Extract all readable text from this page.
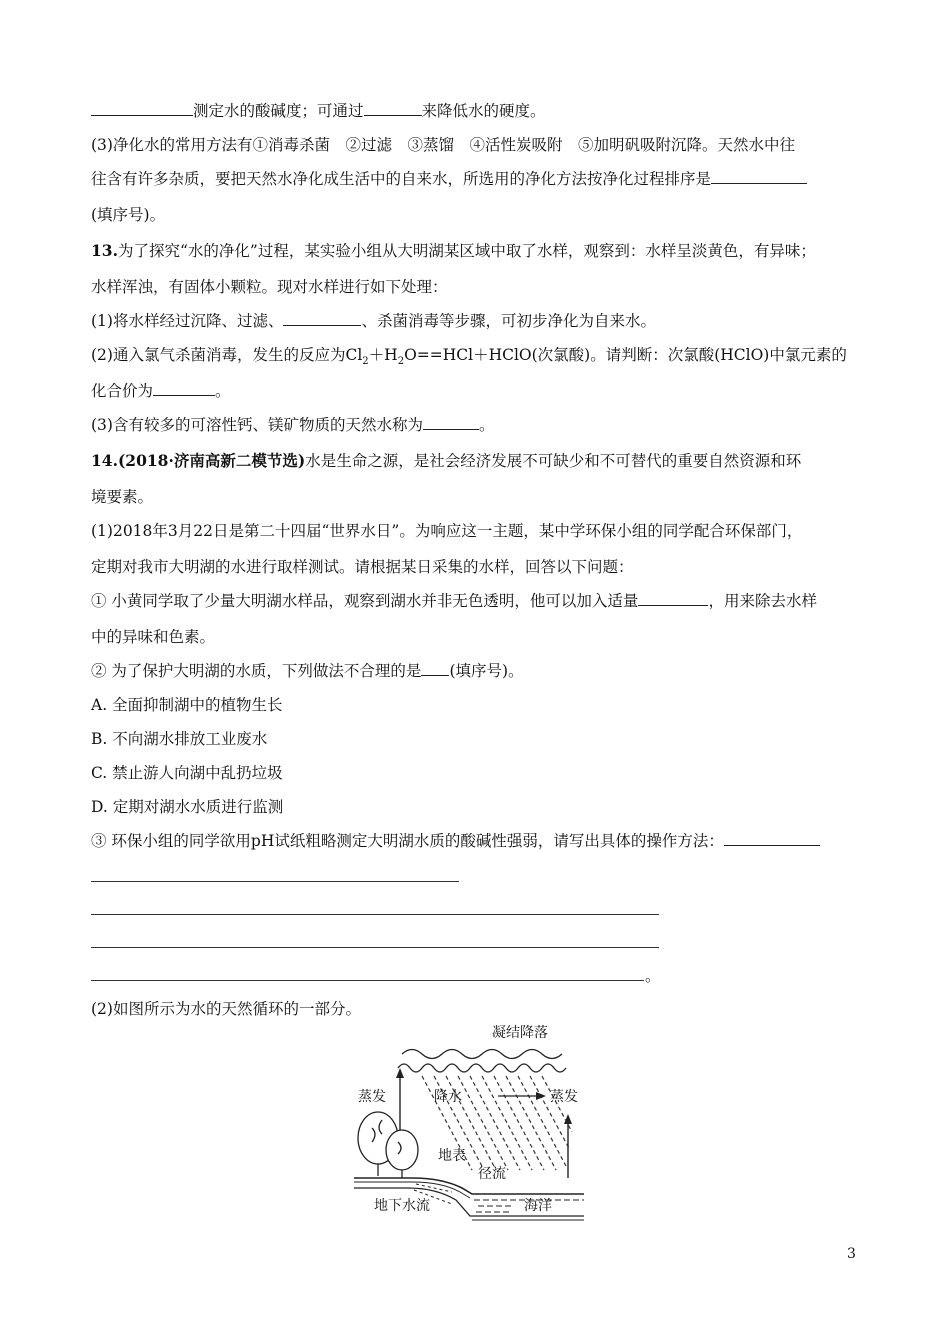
测定水的酸碱度；可通过	来降低水的硬度。
(3)净化水的常用方法有①消毒杀菌　②过滤　③蒸馏　④活性炭吸附　⑤加明矾吸附沉降。天然水中往
往含有许多杂质，要把天然水净化成生活中的自来水，所选用的净化方法按净化过程排序是
(填序号)。
13.为了探究“水的净化”过程，某实验小组从大明湖某区域中取了水样，观察到：水样呈淡黄色，有异味；
水样浑浊，有固体小颗粒。现对水样进行如下处理：
(1)将水样经过沉降、过滤、	、杀菌消毒等步骤，可初步净化为自来水。
(2)通入氯气杀菌消毒，发生的反应为$Cl_2+H_2O==HCl+HClO$(次氯酸)。请判断：次氯酸(HClO)中氯元素的
化合价为	。
(3)含有较多的可溶性钙、镁矿物质的天然水称为	。
14.(2018·济南高新二模节选)水是生命之源，是社会经济发展不可缺少和不可替代的重要自然资源和环
境要素。
(1)2018年3月22日是第二十四届“世界水日”。为响应这一主题，某中学环保小组的同学配合环保部门，
定期对我市大明湖的水进行取样测试。请根据某日采集的水样，回答以下问题：
① 小黄同学取了少量大明湖水样品，观察到湖水并非无色透明，他可以加入适量	，用来除去水样
中的异味和色素。
② 为了保护大明湖的水质，下列做法不合理的是 (填序号)。
A. 全面抑制湖中的植物生长
B. 不向湖水排放工业废水
C. 禁止游人向湖中乱扔垃圾
D. 定期对湖水水质进行监测
③ 环保小组的同学欲用pH试纸粗略测定大明湖水质的酸碱性强弱，请写出具体的操作方法：
。
(2)如图所示为水的天然循环的一部分。
凝结降落
蒸发	降水	蒸发
地表
径流
地下水流	海洋
3
